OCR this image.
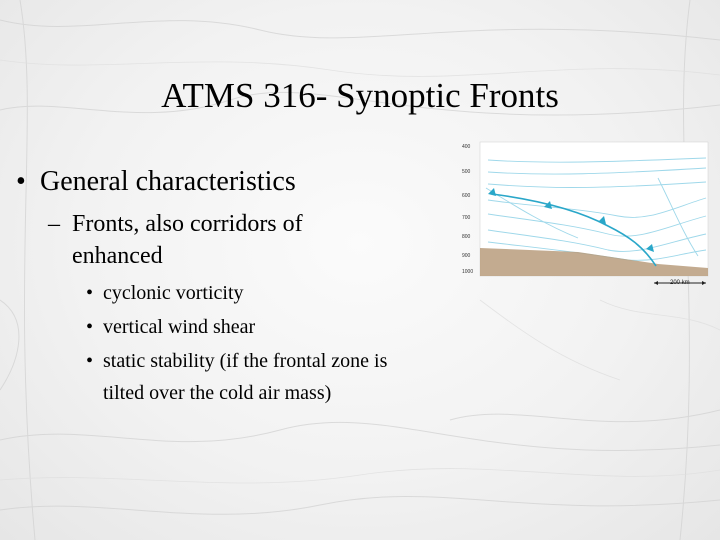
ATMS 316- Synoptic Fronts
• General characteristics
– Fronts, also corridors of
enhanced
• cyclonic vorticity
• vertical wind shear
• static stability (if the frontal zone is
tilted over the cold air mass)
400
500
600
700
800
900
1000
200 km
